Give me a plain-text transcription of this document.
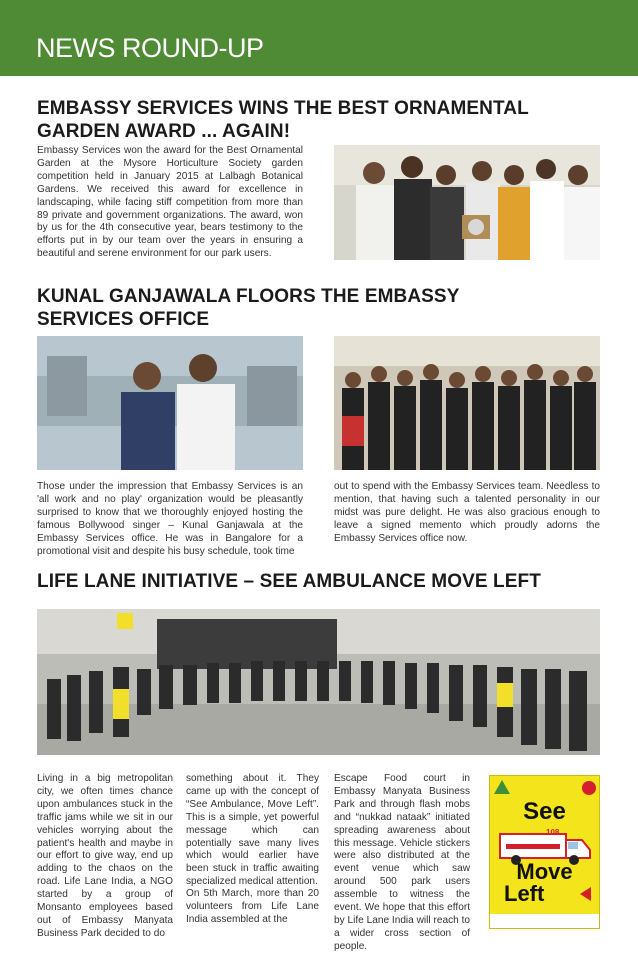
NEWS ROUND-UP
EMBASSY SERVICES WINS THE BEST ORNAMENTAL GARDEN AWARD ... AGAIN!
Embassy Services won the award for the Best Ornamental Garden at the Mysore Horticulture Society garden competition held in January 2015 at Lalbagh Botanical Gardens. We received this award for excellence in landscaping, while facing stiff competition from more than 89 private and government organizations. The award, won by us for the 4th consecutive year, bears testimony to the efforts put in by our team over the years in ensuring a beautiful and serene environment for our park users.
KUNAL GANJAWALA FLOORS THE EMBASSY SERVICES OFFICE
Those under the impression that Embassy Services is an 'all work and no play' organization would be pleasantly surprised to know that we thoroughly enjoyed hosting the famous Bollywood singer – Kunal Ganjawala at the Embassy Services office. He was in Bangalore for a promotional visit and despite his busy schedule, took time
out to spend with the Embassy Services team. Needless to mention, that having such a talented personality in our midst was pure delight. He was also gracious enough to leave a signed memento which proudly adorns the Embassy Services office now.
LIFE LANE INITIATIVE – SEE AMBULANCE MOVE LEFT
Living in a big metropolitan city, we often times chance upon ambulances stuck in the traffic jams while we sit in our vehicles worrying about the patient's health and maybe in our effort to give way, end up adding to the chaos on the road. Life Lane India, a NGO started by a group of Monsanto employees based out of Embassy Manyata Business Park decided to do
something about it. They came up with the concept of “See Ambulance, Move Left”. This is a simple, yet powerful message which can potentially save many lives which would earlier have been stuck in traffic awaiting specialized medical attention.
On 5th March, more than 20 volunteers from Life Lane India assembled at the
Escape Food court in Embassy Manyata Business Park and through flash mobs and “nukkad nataak” initiated spreading awareness about this message. Vehicle stickers were also distributed at the event venue which saw around 500 park users assemble to witness the event. We hope that this effort by Life Lane India will reach to a wider cross section of people.
See
108
Move
Left
